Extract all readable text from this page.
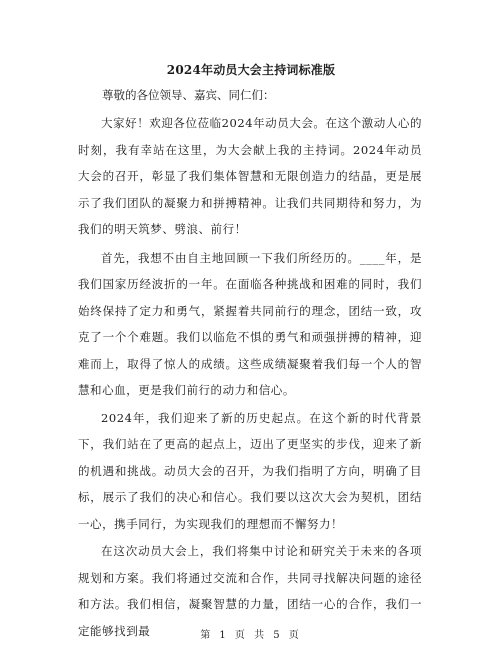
2024年动员大会主持词标准版

尊敬的各位领导、嘉宾、同仁们：

大家好！欢迎各位莅临2024年动员大会。在这个激动人心的时刻，我有幸站在这里，为大会献上我的主持词。2024年动员大会的召开，彰显了我们集体智慧和无限创造力的结晶，更是展示了我们团队的凝聚力和拼搏精神。让我们共同期待和努力，为我们的明天筑梦、劈浪、前行！

首先，我想不由自主地回顾一下我们所经历的。____年，是我们国家历经波折的一年。在面临各种挑战和困难的同时，我们始终保持了定力和勇气，紧握着共同前行的理念，团结一致，攻克了一个个难题。我们以临危不惧的勇气和顽强拼搏的精神，迎难而上，取得了惊人的成绩。这些成绩凝聚着我们每一个人的智慧和心血，更是我们前行的动力和信心。

2024年，我们迎来了新的历史起点。在这个新的时代背景下，我们站在了更高的起点上，迈出了更坚实的步伐，迎来了新的机遇和挑战。动员大会的召开，为我们指明了方向，明确了目标，展示了我们的决心和信心。我们要以这次大会为契机，团结一心，携手同行，为实现我们的理想而不懈努力！

在这次动员大会上，我们将集中讨论和研究关于未来的各项规划和方案。我们将通过交流和合作，共同寻找解决问题的途径和方法。我们相信，凝聚智慧的力量，团结一心的合作，我们一定能够找到最	第 1 页 共 5 页
